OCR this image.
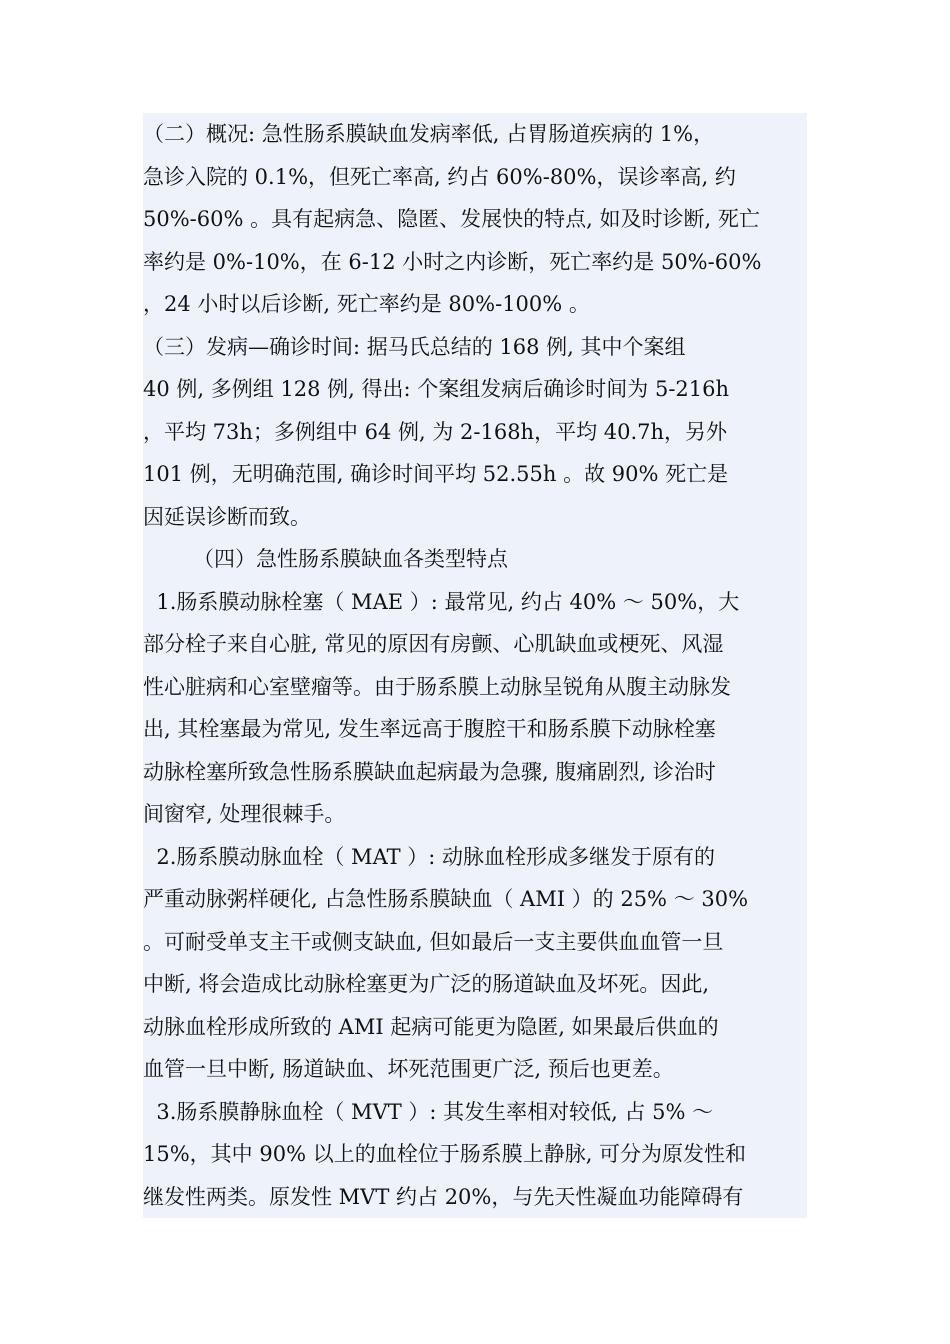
（二）概况: 急性肠系膜缺血发病率低, 占胃肠道疾病的 1%，
急诊入院的 0.1%，但死亡率高, 约占 60%-80%，误诊率高, 约
50%-60% 。具有起病急、隐匿、发展快的特点, 如及时诊断, 死亡
率约是 0%-10%，在 6-12 小时之内诊断，死亡率约是 50%-60%
，24 小时以后诊断, 死亡率约是 80%-100% 。
（三）发病—确诊时间: 据马氏总结的 168 例, 其中个案组
40 例, 多例组 128 例, 得出: 个案组发病后确诊时间为 5-216h
，平均 73h；多例组中 64 例, 为 2-168h，平均 40.7h，另外
101 例，无明确范围, 确诊时间平均 52.55h 。故 90% 死亡是
因延误诊断而致。
（四）急性肠系膜缺血各类型特点
1.肠系膜动脉栓塞（ MAE ）: 最常见, 约占 40% ～ 50%，大
部分栓子来自心脏, 常见的原因有房颤、心肌缺血或梗死、风湿
性心脏病和心室壁瘤等。由于肠系膜上动脉呈锐角从腹主动脉发
出, 其栓塞最为常见, 发生率远高于腹腔干和肠系膜下动脉栓塞
动脉栓塞所致急性肠系膜缺血起病最为急骤, 腹痛剧烈, 诊治时
间窗窄, 处理很棘手。
2.肠系膜动脉血栓（ MAT ）: 动脉血栓形成多继发于原有的
严重动脉粥样硬化, 占急性肠系膜缺血（ AMI ）的 25% ～ 30%
。可耐受单支主干或侧支缺血, 但如最后一支主要供血血管一旦
中断, 将会造成比动脉栓塞更为广泛的肠道缺血及坏死。因此,
动脉血栓形成所致的 AMI 起病可能更为隐匿, 如果最后供血的
血管一旦中断, 肠道缺血、坏死范围更广泛, 预后也更差。
3.肠系膜静脉血栓（ MVT ）: 其发生率相对较低, 占 5% ～
15%，其中 90% 以上的血栓位于肠系膜上静脉, 可分为原发性和
继发性两类。原发性 MVT 约占 20%，与先天性凝血功能障碍有
